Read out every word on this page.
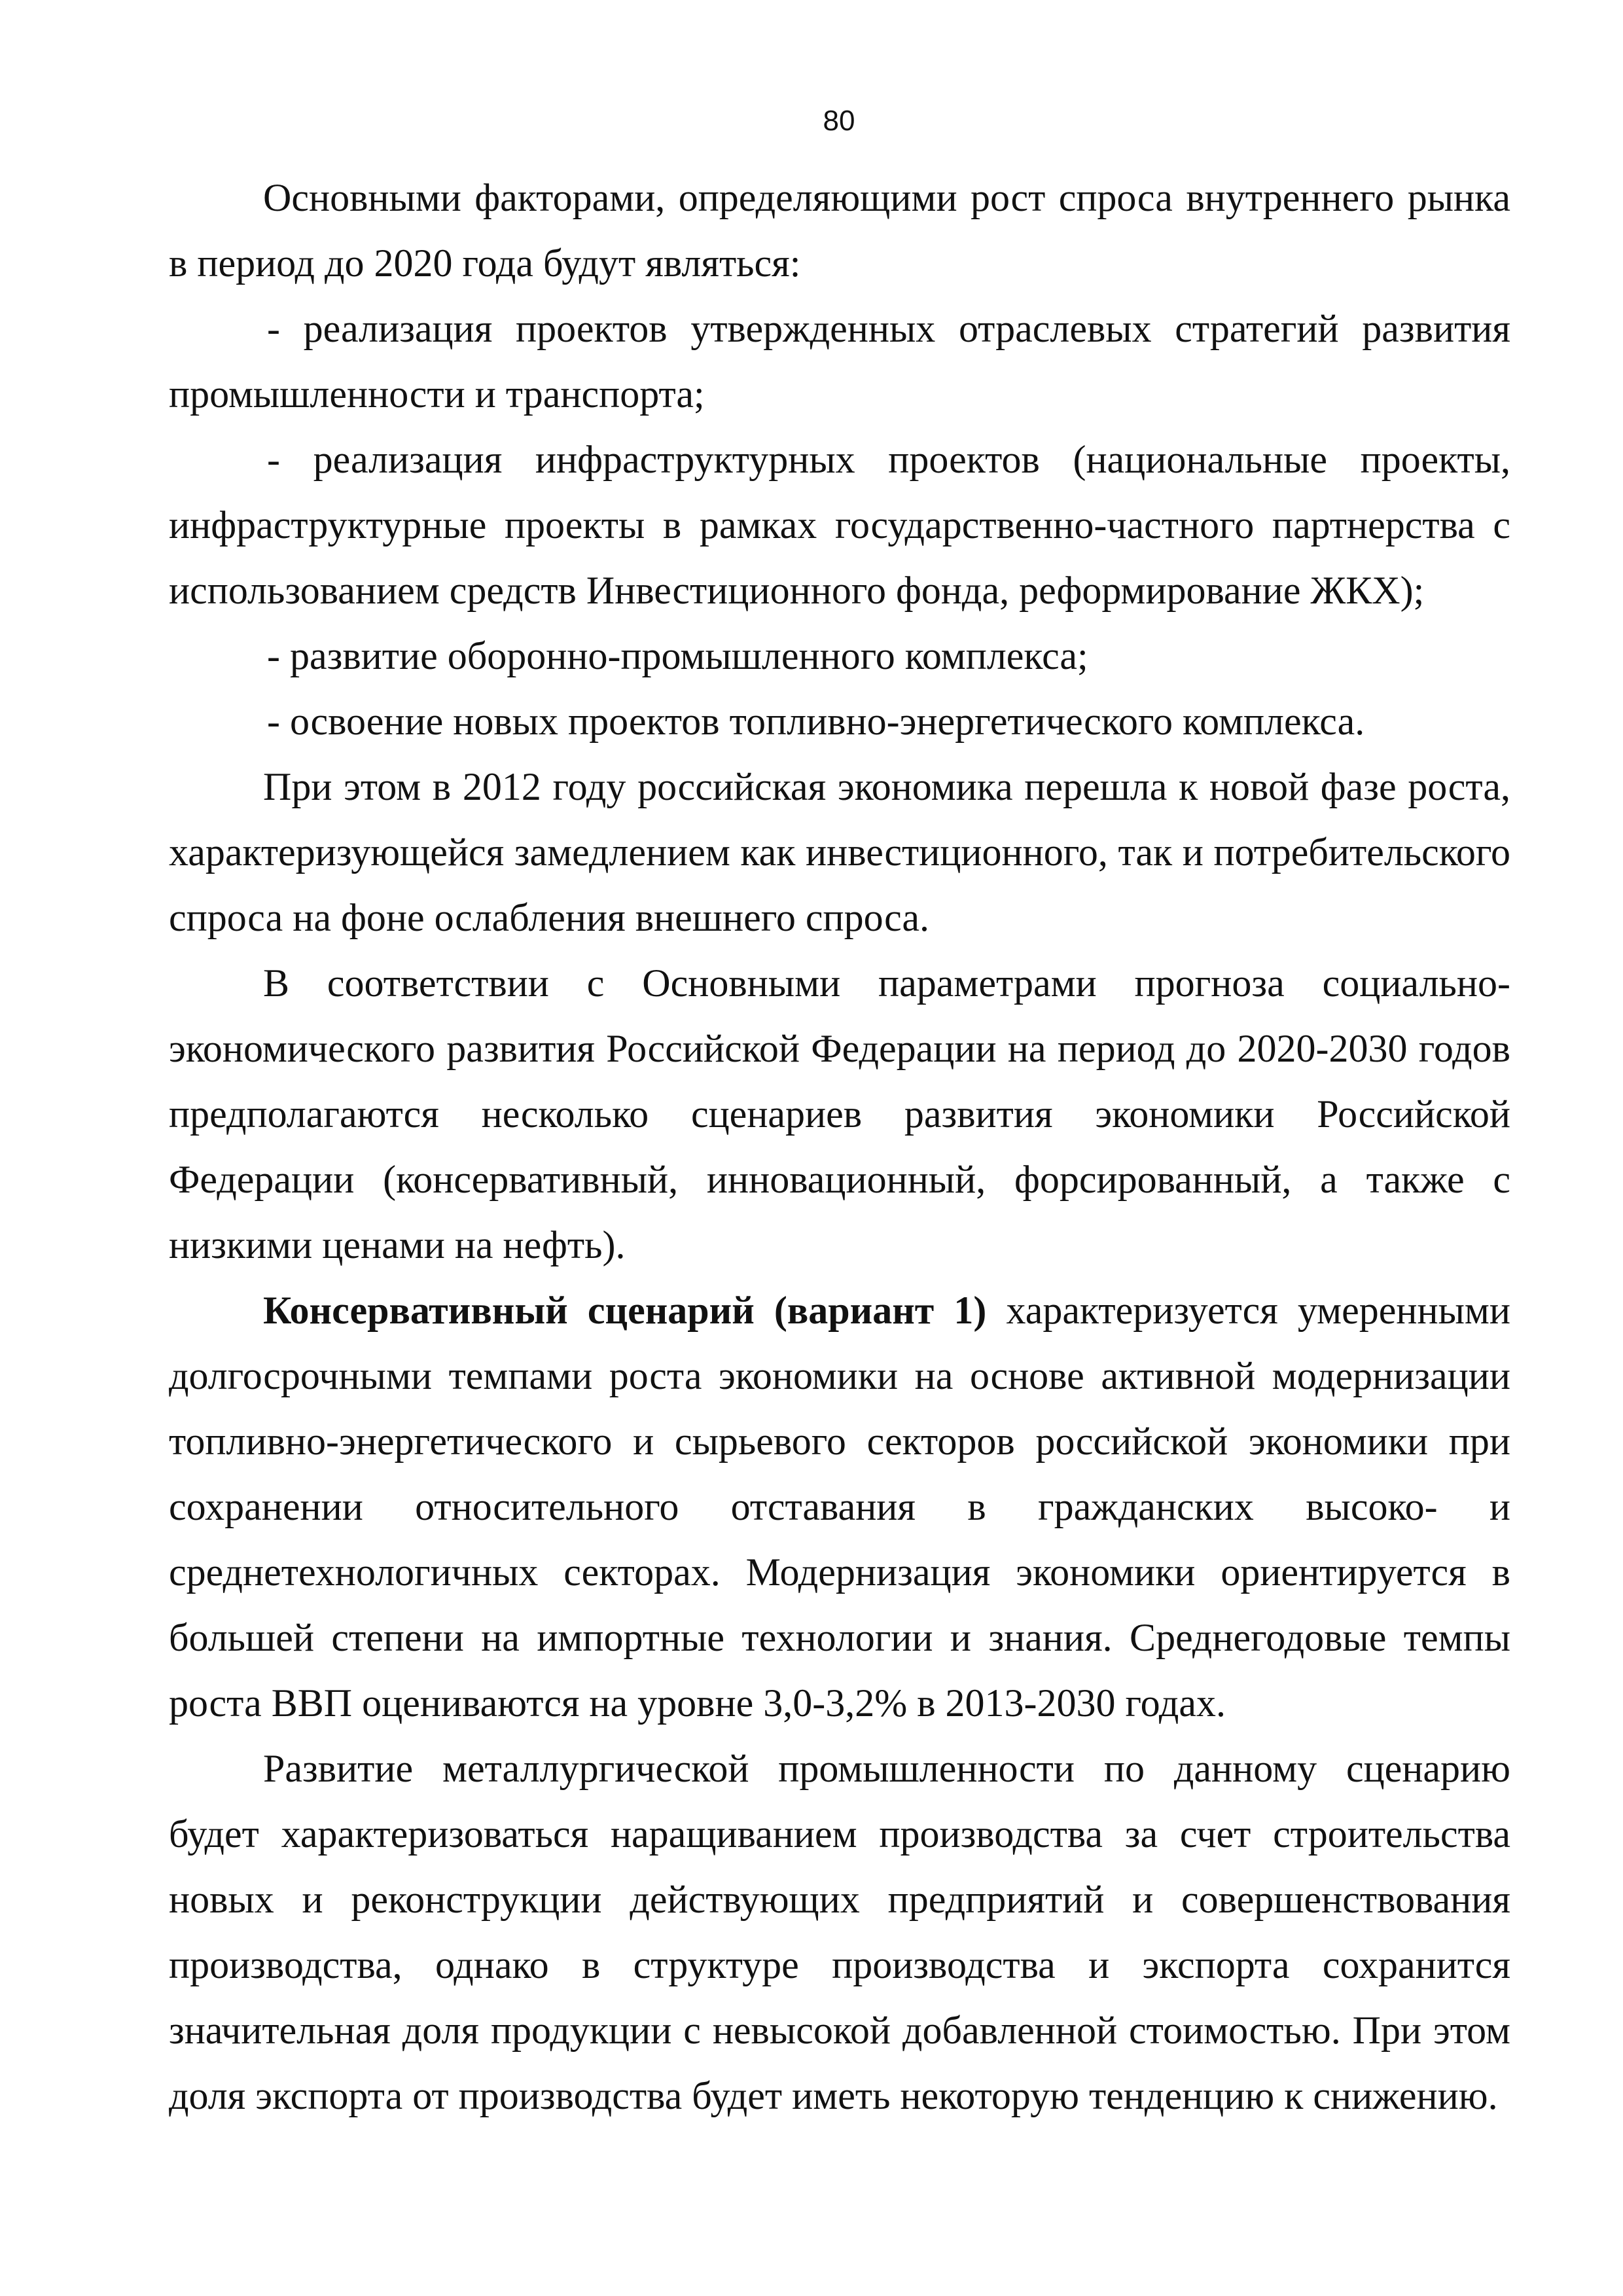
80

Основными факторами, определяющими рост спроса внутреннего рынка в период до 2020 года будут являться:

- реализация проектов утвержденных отраслевых стратегий развития промышленности и транспорта;

- реализация инфраструктурных проектов (национальные проекты, инфраструктурные проекты в рамках государственно-частного партнерства с использованием средств Инвестиционного фонда, реформирование ЖКХ);

- развитие оборонно-промышленного комплекса;

- освоение новых проектов топливно-энергетического комплекса.

При этом в 2012 году российская экономика перешла к новой фазе роста, характеризующейся замедлением как инвестиционного, так и потребительского спроса на фоне ослабления внешнего спроса.

В соответствии с Основными параметрами прогноза социально-экономического развития Российской Федерации на период до 2020-2030 годов предполагаются несколько сценариев развития экономики Российской Федерации (консервативный, инновационный, форсированный, а также с низкими ценами на нефть).

Консервативный сценарий (вариант 1) характеризуется умеренными долгосрочными темпами роста экономики на основе активной модернизации топливно-энергетического и сырьевого секторов российской экономики при сохранении относительного отставания в гражданских высоко- и среднетехнологичных секторах. Модернизация экономики ориентируется в большей степени на импортные технологии и знания. Среднегодовые темпы роста ВВП оцениваются на уровне 3,0-3,2% в 2013-2030 годах.

Развитие металлургической промышленности по данному сценарию будет характеризоваться наращиванием производства за счет строительства новых и реконструкции действующих предприятий и совершенствования производства, однако в структуре производства и экспорта сохранится значительная доля продукции с невысокой добавленной стоимостью. При этом доля экспорта от производства будет иметь некоторую тенденцию к снижению.
